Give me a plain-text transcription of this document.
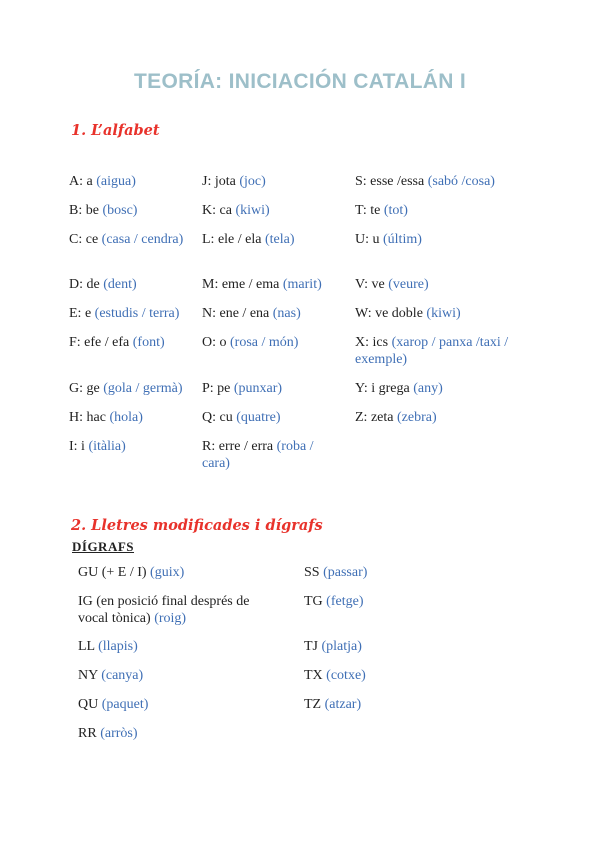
TEORÍA: INICIACIÓN CATALÁN I
1. L’alfabet
A: a (aigua)
B: be (bosc)
C: ce (casa / cendra)
D: de (dent)
E: e (estudis / terra)
F: efe / efa (font)
G: ge (gola / germà)
H: hac (hola)
I: i (itàlia)
J: jota (joc)
K: ca (kiwi)
L: ele / ela (tela)
M: eme / ema (marit)
N: ene / ena (nas)
O: o (rosa / món)
P: pe (punxar)
Q: cu (quatre)
R: erre / erra (roba / cara)
S: esse /essa (sabó /cosa)
T: te (tot)
U: u (últim)
V: ve (veure)
W: ve doble (kiwi)
X: ics (xarop / panxa /taxi / exemple)
Y: i grega (any)
Z: zeta (zebra)
2. Lletres modificades i dígrafs
DÍGRAFS
GU (+ E / I) (guix)
IG (en posició final després de vocal tònica) (roig)
LL (llapis)
NY (canya)
QU (paquet)
RR (arròs)
SS (passar)
TG (fetge)
TJ (platja)
TX (cotxe)
TZ (atzar)
